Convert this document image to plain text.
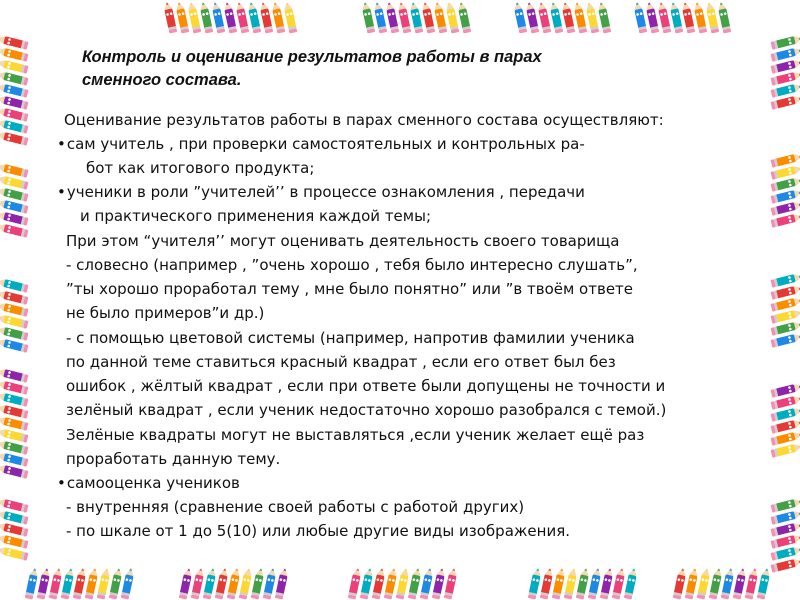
Контроль и оценивание результатов работы в парах
сменного состава.
Оценивание результатов работы в парах сменного состава осуществляют:
• сам учитель , при проверки самостоятельных и контрольных ра-
бот как итогового продукта;
• ученики в роли ”учителей’’ в процессе ознакомления , передачи
и практического применения каждой темы;
При этом “учителя’’ могут оценивать деятельность своего товарища
- словесно (например , ”очень хорошо , тебя было интересно слушать”,
”ты хорошо проработал тему , мне было понятно” или ”в твоём ответе
не было примеров”и др.)
- с помощью цветовой системы (например, напротив фамилии ученика
по данной теме ставиться красный квадрат , если его ответ был без
ошибок , жёлтый квадрат , если при ответе были допущены не точности и
зелёный квадрат , если ученик недостаточно хорошо разобрался с темой.)
Зелёные квадраты могут не выставляться ,если ученик желает ещё раз
проработать данную тему.
• самооценка учеников
- внутренняя (сравнение своей работы с работой других)
- по шкале от 1 до 5(10) или любые другие виды изображения.
